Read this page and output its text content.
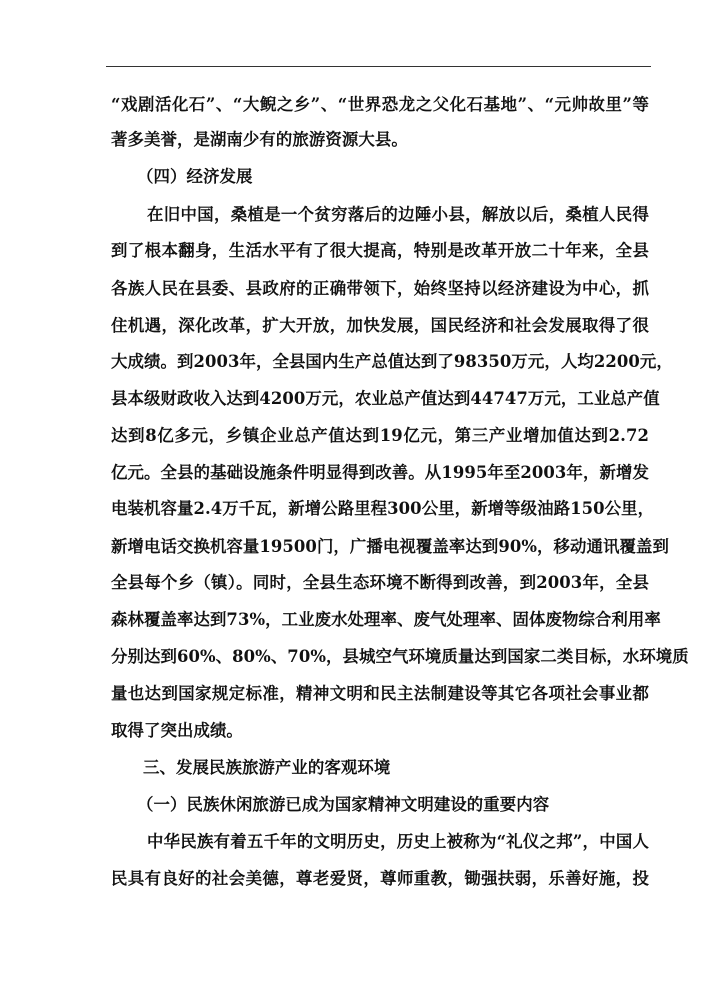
“戏剧活化石”、“大鲵之乡”、“世界恐龙之父化石基地”、“元帅故里”等
著多美誉，是湖南少有的旅游资源大县。
（四）经济发展
在旧中国，桑植是一个贫穷落后的边陲小县，解放以后，桑植人民得
到了根本翻身，生活水平有了很大提高，特别是改革开放二十年来，全县
各族人民在县委、县政府的正确带领下，始终坚持以经济建设为中心，抓
住机遇，深化改革，扩大开放，加快发展，国民经济和社会发展取得了很
大成绩。到2003年，全县国内生产总值达到了98350万元，人均2200元，
县本级财政收入达到4200万元，农业总产值达到44747万元，工业总产值
达到8亿多元，乡镇企业总产值达到19亿元，第三产业增加值达到2.72
亿元。全县的基础设施条件明显得到改善。从1995年至2003年，新增发
电装机容量2.4万千瓦，新增公路里程300公里，新增等级油路150公里，
新增电话交换机容量19500门，广播电视覆盖率达到90%，移动通讯覆盖到
全县每个乡（镇）。同时，全县生态环境不断得到改善，到2003年，全县
森林覆盖率达到73%，工业废水处理率、废气处理率、固体废物综合利用率
分别达到60%、80%、70%，县城空气环境质量达到国家二类目标，水环境质
量也达到国家规定标准，精神文明和民主法制建设等其它各项社会事业都
取得了突出成绩。
三、发展民族旅游产业的客观环境
（一）民族休闲旅游已成为国家精神文明建设的重要内容
中华民族有着五千年的文明历史，历史上被称为“礼仪之邦”，中国人
民具有良好的社会美德，尊老爱贤，尊师重教，锄强扶弱，乐善好施，投
